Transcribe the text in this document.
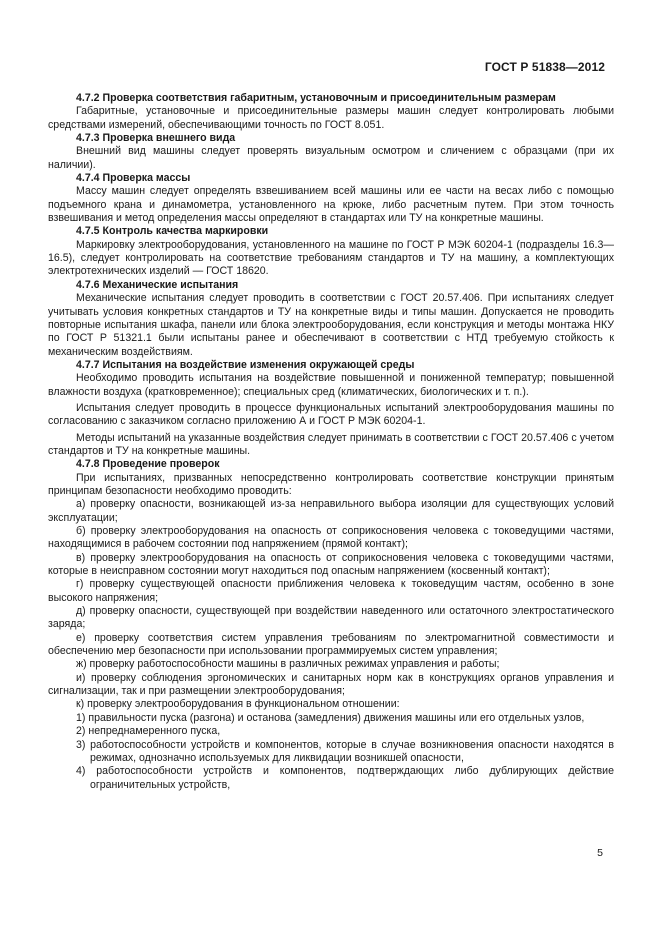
ГОСТ Р 51838—2012

4.7.2 Проверка соответствия габаритным, установочным и присоединительным размерам

Габаритные, установочные и присоединительные размеры машин следует контролировать любыми средствами измерений, обеспечивающими точность по ГОСТ 8.051.

4.7.3 Проверка внешнего вида

Внешний вид машины следует проверять визуальным осмотром и сличением с образцами (при их наличии).

4.7.4 Проверка массы

Массу машин следует определять взвешиванием всей машины или ее части на весах либо с помощью подъемного крана и динамометра, установленного на крюке, либо расчетным путем. При этом точность взвешивания и метод определения массы определяют в стандартах или ТУ на конкретные машины.

4.7.5 Контроль качества маркировки

Маркировку электрооборудования, установленного на машине по ГОСТ Р МЭК 60204-1 (подразделы 16.3—16.5), следует контролировать на соответствие требованиям стандартов и ТУ на машину, а комплектующих электротехнических изделий — ГОСТ 18620.

4.7.6 Механические испытания

Механические испытания следует проводить в соответствии с ГОСТ 20.57.406. При испытаниях следует учитывать условия конкретных стандартов и ТУ на конкретные виды и типы машин. Допускается не проводить повторные испытания шкафа, панели или блока электрооборудования, если конструкция и методы монтажа НКУ по ГОСТ Р 51321.1 были испытаны ранее и обеспечивают в соответствии с НТД требуемую стойкость к механическим воздействиям.

4.7.7 Испытания на воздействие изменения окружающей среды

Необходимо проводить испытания на воздействие повышенной и пониженной температур; повышенной влажности воздуха (кратковременное); специальных сред (климатических, биологических и т. п.).

Испытания следует проводить в процессе функциональных испытаний электрооборудования машины по согласованию с заказчиком согласно приложению А и ГОСТ Р МЭК 60204-1.

Методы испытаний на указанные воздействия следует принимать в соответствии с ГОСТ 20.57.406 с учетом стандартов и ТУ на конкретные машины.

4.7.8 Проведение проверок

При испытаниях, призванных непосредственно контролировать соответствие конструкции принятым принципам безопасности необходимо проводить:

а) проверку опасности, возникающей из-за неправильного выбора изоляции для существующих условий эксплуатации;

б) проверку электрооборудования на опасность от соприкосновения человека с токоведущими частями, находящимися в рабочем состоянии под напряжением (прямой контакт);

в) проверку электрооборудования на опасность от соприкосновения человека с токоведущими частями, которые в неисправном состоянии могут находиться под опасным напряжением (косвенный контакт);

г) проверку существующей опасности приближения человека к токоведущим частям, особенно в зоне высокого напряжения;

д) проверку опасности, существующей при воздействии наведенного или остаточного электростатического заряда;

е) проверку соответствия систем управления требованиям по электромагнитной совместимости и обеспечению мер безопасности при использовании программируемых систем управления;

ж) проверку работоспособности машины в различных режимах управления и работы;

и) проверку соблюдения эргономических и санитарных норм как в конструкциях органов управления и сигнализации, так и при размещении электрооборудования;

к) проверку электрооборудования в функциональном отношении:

1) правильности пуска (разгона) и останова (замедления) движения машины или его отдельных узлов,

2) непреднамеренного пуска,

3) работоспособности устройств и компонентов, которые в случае возникновения опасности находятся в режимах, однозначно используемых для ликвидации возникшей опасности,

4) работоспособности устройств и компонентов, подтверждающих либо дублирующих действие ограничительных устройств,

5
